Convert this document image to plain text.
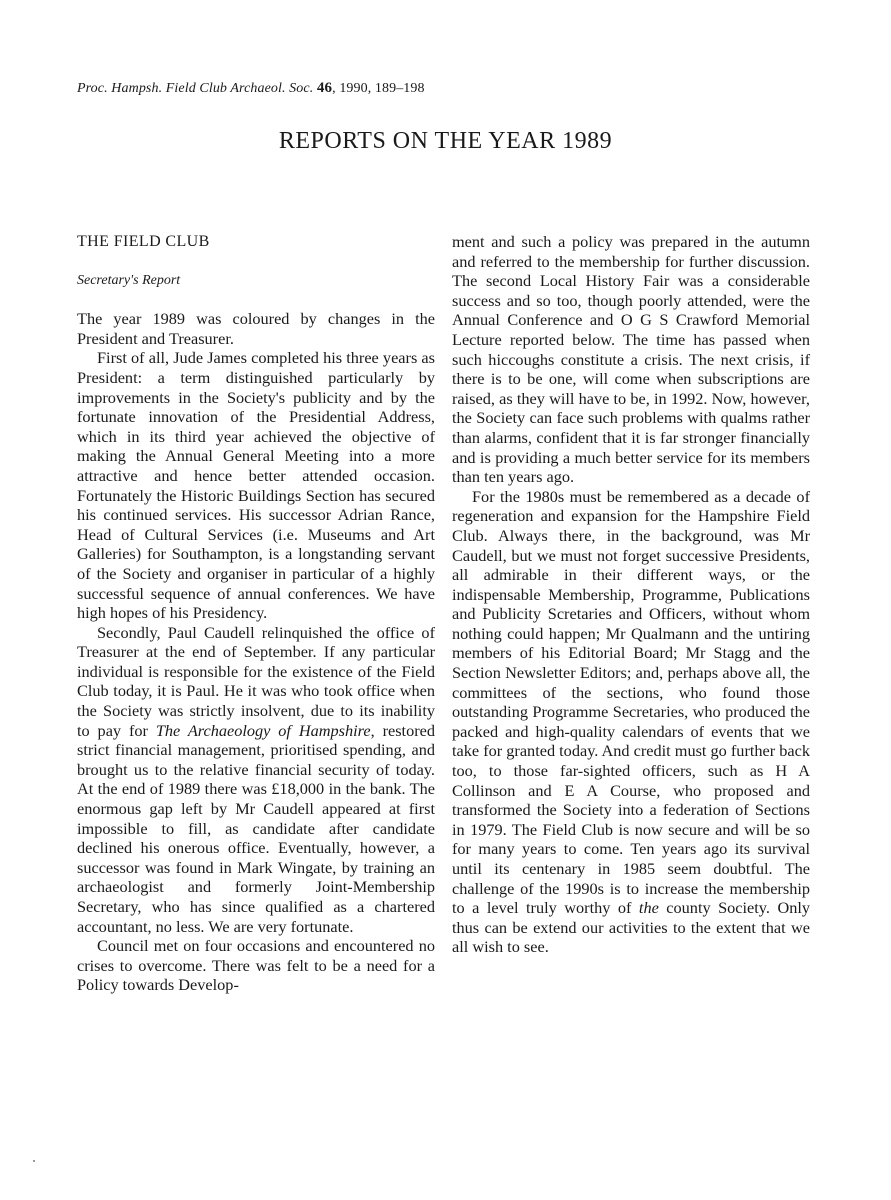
Proc. Hampsh. Field Club Archaeol. Soc. 46, 1990, 189–198
REPORTS ON THE YEAR 1989
THE FIELD CLUB
Secretary's Report

The year 1989 was coloured by changes in the President and Treasurer.

First of all, Jude James completed his three years as President: a term distinguished particularly by improvements in the Society's publicity and by the fortunate innovation of the Presidential Address, which in its third year achieved the objective of making the Annual General Meeting into a more attractive and hence better attended occasion. Fortunately the Historic Buildings Section has secured his continued services. His successor Adrian Rance, Head of Cultural Services (i.e. Museums and Art Galleries) for Southampton, is a longstanding servant of the Society and organiser in particular of a highly successful sequence of annual conferences. We have high hopes of his Presidency.

Secondly, Paul Caudell relinquished the office of Treasurer at the end of September. If any particular individual is responsible for the existence of the Field Club today, it is Paul. He it was who took office when the Society was strictly insolvent, due to its inability to pay for The Archaeology of Hampshire, restored strict financial management, prioritised spending, and brought us to the relative financial security of today. At the end of 1989 there was £18,000 in the bank. The enormous gap left by Mr Caudell appeared at first impossible to fill, as candidate after candidate declined his onerous office. Eventually, however, a successor was found in Mark Wingate, by training an archaeologist and formerly Joint-Membership Secretary, who has since qualified as a chartered accountant, no less. We are very fortunate.

Council met on four occasions and encountered no crises to overcome. There was felt to be a need for a Policy towards Develop-

ment and such a policy was prepared in the autumn and referred to the membership for further discussion. The second Local History Fair was a considerable success and so too, though poorly attended, were the Annual Conference and O G S Crawford Memorial Lecture reported below. The time has passed when such hiccoughs constitute a crisis. The next crisis, if there is to be one, will come when subscriptions are raised, as they will have to be, in 1992. Now, however, the Society can face such problems with qualms rather than alarms, confident that it is far stronger financially and is providing a much better service for its members than ten years ago.

For the 1980s must be remembered as a decade of regeneration and expansion for the Hampshire Field Club. Always there, in the background, was Mr Caudell, but we must not forget successive Presidents, all admirable in their different ways, or the indispensable Membership, Programme, Publications and Publicity Scretaries and Officers, without whom nothing could happen; Mr Qualmann and the untiring members of his Editorial Board; Mr Stagg and the Section Newsletter Editors; and, perhaps above all, the committees of the sections, who found those outstanding Programme Secretaries, who produced the packed and high-quality calendars of events that we take for granted today. And credit must go further back too, to those far-sighted officers, such as H A Collinson and E A Course, who proposed and transformed the Society into a federation of Sections in 1979. The Field Club is now secure and will be so for many years to come. Ten years ago its survival until its centenary in 1985 seem doubtful. The challenge of the 1990s is to increase the membership to a level truly worthy of the county Society. Only thus can be extend our activities to the extent that we all wish to see.
